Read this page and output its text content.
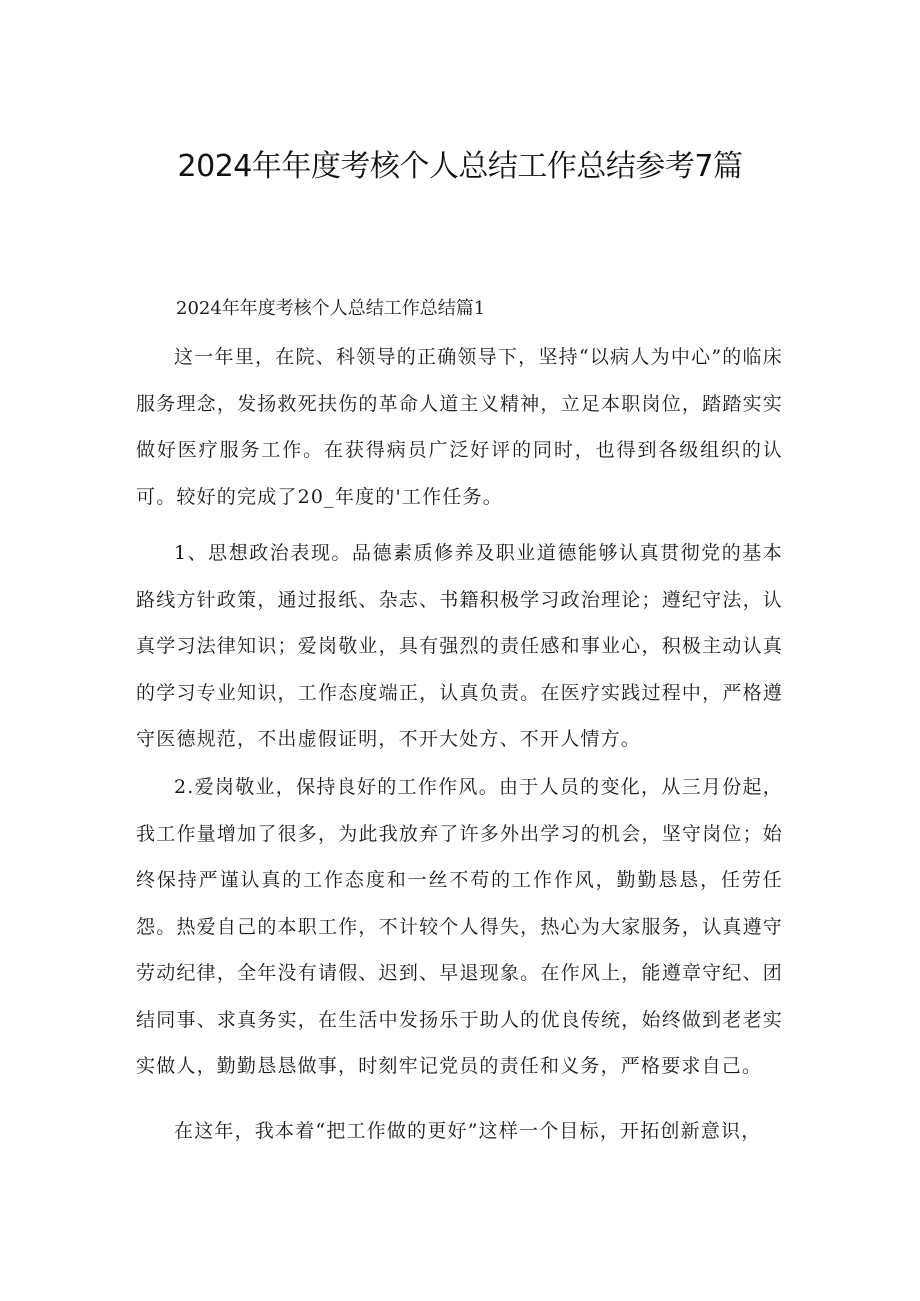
2024年年度考核个人总结工作总结参考7篇
2024年年度考核个人总结工作总结篇1

这一年里，在院、科领导的正确领导下，坚持“以病人为中心”的临床服务理念，发扬救死扶伤的革命人道主义精神，立足本职岗位，踏踏实实做好医疗服务工作。在获得病员广泛好评的同时，也得到各级组织的认可。较好的完成了20_年度的'工作任务。

1、思想政治表现。品德素质修养及职业道德能够认真贯彻党的基本路线方针政策，通过报纸、杂志、书籍积极学习政治理论；遵纪守法，认真学习法律知识；爱岗敬业，具有强烈的责任感和事业心，积极主动认真的学习专业知识，工作态度端正，认真负责。在医疗实践过程中，严格遵守医德规范，不出虚假证明，不开大处方、不开人情方。

2.爱岗敬业，保持良好的工作作风。由于人员的变化，从三月份起，我工作量增加了很多，为此我放弃了许多外出学习的机会，坚守岗位；始终保持严谨认真的工作态度和一丝不苟的工作作风，勤勤恳恳，任劳任怨。热爱自己的本职工作，不计较个人得失，热心为大家服务，认真遵守劳动纪律，全年没有请假、迟到、早退现象。在作风上，能遵章守纪、团结同事、求真务实，在生活中发扬乐于助人的优良传统，始终做到老老实实做人，勤勤恳恳做事，时刻牢记党员的责任和义务，严格要求自己。

在这年，我本着“把工作做的更好”这样一个目标，开拓创新意识，
